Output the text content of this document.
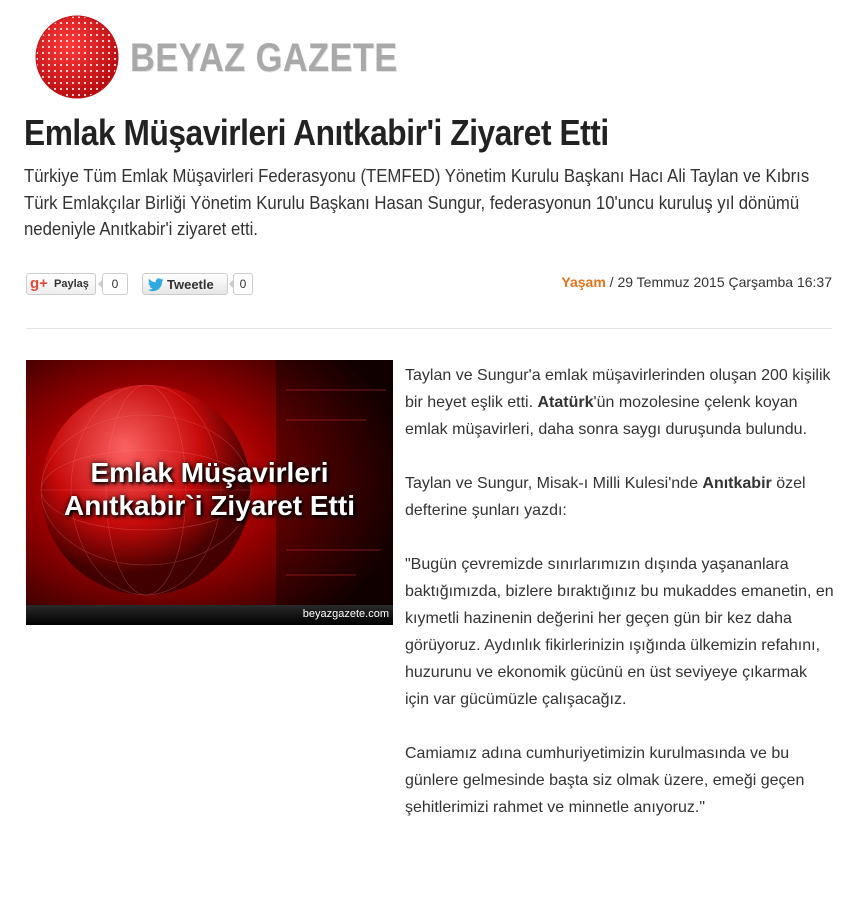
BEYAZ GAZETE
Emlak Müşavirleri Anıtkabir'i Ziyaret Etti
Türkiye Tüm Emlak Müşavirleri Federasyonu (TEMFED) Yönetim Kurulu Başkanı Hacı Ali Taylan ve Kıbrıs Türk Emlakçılar Birliği Yönetim Kurulu Başkanı Hasan Sungur, federasyonun 10'uncu kuruluş yıl dönümü nedeniyle Anıtkabir'i ziyaret etti.
g+ Paylaş	0	Tweetle	0	Yaşam / 29 Temmuz 2015 Çarşamba 16:37
Emlak Müşavirleri
Anıtkabir`i Ziyaret Etti
beyazgazete.com

Taylan ve Sungur'a emlak müşavirlerinden oluşan 200 kişilik bir heyet eşlik etti. Atatürk'ün mozolesine çelenk koyan emlak müşavirleri, daha sonra saygı duruşunda bulundu.

Taylan ve Sungur, Misak-ı Milli Kulesi'nde Anıtkabir özel defterine şunları yazdı:

"Bugün çevremizde sınırlarımızın dışında yaşananlara baktığımızda, bizlere bıraktığınız bu mukaddes emanetin, en kıymetli hazinenin değerini her geçen gün bir kez daha görüyoruz. Aydınlık fikirlerinizin ışığında ülkemizin refahını, huzurunu ve ekonomik gücünü en üst seviyeye çıkarmak için var gücümüzle çalışacağız.

Camiamız adına cumhuriyetimizin kurulmasında ve bu günlere gelmesinde başta siz olmak üzere, emeği geçen şehitlerimizi rahmet ve minnetle anıyoruz."
